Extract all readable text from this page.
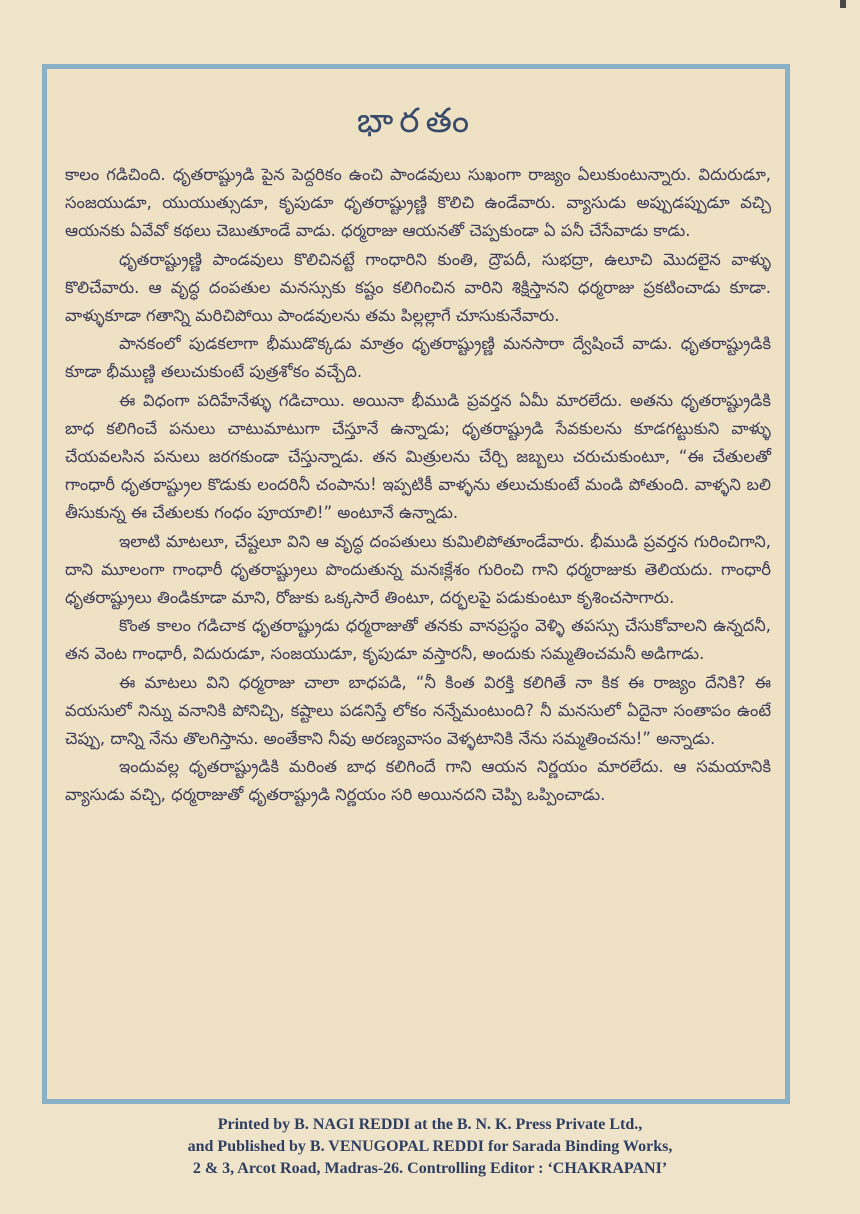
భారతం

కాలం గడిచింది. ధృతరాష్ట్రుడి పైన పెద్దరికం ఉంచి పాండవులు సుఖంగా రాజ్యం ఏలుకుంటున్నారు. విదురుడూ, సంజయుడూ, యుయుత్సుడూ, కృపుడూ ధృతరాష్ట్రుణ్ణి కొలిచి ఉండేవారు. వ్యాసుడు అప్పుడప్పుడూ వచ్చి ఆయనకు ఏవేవో కథలు చెబుతూండే వాడు. ధర్మరాజు ఆయనతో చెప్పకుండా ఏ పనీ చేసేవాడు కాడు.

ధృతరాష్ట్రుణ్ణి పాండవులు కొలిచినట్టే గాంధారిని కుంతి, ద్రౌపదీ, సుభద్రా, ఉలూచి మొదలైన వాళ్ళు కొలిచేవారు. ఆ వృద్ధ దంపతుల మనస్సుకు కష్టం కలిగించిన వారిని శిక్షిస్తానని ధర్మరాజు ప్రకటించాడు కూడా. వాళ్ళుకూడా గతాన్ని మరిచిపోయి పాండవులను తమ పిల్లల్లాగే చూసుకునేవారు.

పానకంలో పుడకలాగా భీముడొక్కడు మాత్రం ధృతరాష్ట్రుణ్ణి మనసారా ద్వేషించే వాడు. ధృతరాష్ట్రుడికి కూడా భీముణ్ణి తలుచుకుంటే పుత్రశోకం వచ్చేది.

ఈ విధంగా పదిహేనేళ్ళు గడిచాయి. అయినా భీముడి ప్రవర్తన ఏమీ మారలేదు. అతను ధృతరాష్ట్రుడికి బాధ కలిగించే పనులు చాటుమాటుగా చేస్తూనే ఉన్నాడు; ధృతరాష్ట్రుడి సేవకులను కూడగట్టుకుని వాళ్ళు చేయవలసిన పనులు జరగకుండా చేస్తున్నాడు. తన మిత్రులను చేర్చి జబ్బలు చరుచుకుంటూ, “ఈ చేతులతో గాంధారీ ధృతరాష్ట్రుల కొడుకు లందరినీ చంపాను! ఇప్పటికీ వాళ్ళను తలుచుకుంటే మండి పోతుంది. వాళ్ళని బలి తీసుకున్న ఈ చేతులకు గంధం పూయాలి!” అంటూనే ఉన్నాడు.

ఇలాటి మాటలూ, చేష్టలూ విని ఆ వృద్ధ దంపతులు కుమిలిపోతూండేవారు. భీముడి ప్రవర్తన గురించిగాని, దాని మూలంగా గాంధారీ ధృతరాష్ట్రులు పొందుతున్న మనఃక్లేశం గురించి గాని ధర్మరాజుకు తెలియదు. గాంధారీ ధృతరాష్ట్రులు తిండికూడా మాని, రోజుకు ఒక్కసారే తింటూ, దర్భలపై పడుకుంటూ కృశించసాగారు.

కొంత కాలం గడిచాక ధృతరాష్ట్రుడు ధర్మరాజుతో తనకు వానప్రస్థం వెళ్ళి తపస్సు చేసుకోవాలని ఉన్నదనీ, తన వెంట గాంధారీ, విదురుడూ, సంజయుడూ, కృపుడూ వస్తారనీ, అందుకు సమ్మతించమనీ అడిగాడు.

ఈ మాటలు విని ధర్మరాజు చాలా బాధపడి, “నీ కింత విరక్తి కలిగితే నా కిక ఈ రాజ్యం దేనికి? ఈ వయసులో నిన్ను వనానికి పోనిచ్చి, కష్టాలు పడనిస్తే లోకం నన్నేమంటుంది? నీ మనసులో ఏదైనా సంతాపం ఉంటే చెప్పు, దాన్ని నేను తొలగిస్తాను. అంతేకాని నీవు అరణ్యవాసం వెళ్ళటానికి నేను సమ్మతించను!” అన్నాడు.

ఇందువల్ల ధృతరాష్ట్రుడికి మరింత బాధ కలిగిందే గాని ఆయన నిర్ణయం మారలేదు. ఆ సమయానికి వ్యాసుడు వచ్చి, ధర్మరాజుతో ధృతరాష్ట్రుడి నిర్ణయం సరి అయినదని చెప్పి ఒప్పించాడు.

Printed by B. NAGI REDDI at the B. N. K. Press Private Ltd.,
and Published by B. VENUGOPAL REDDI for Sarada Binding Works,
2 & 3, Arcot Road, Madras-26. Controlling Editor : ‘CHAKRAPANI’
